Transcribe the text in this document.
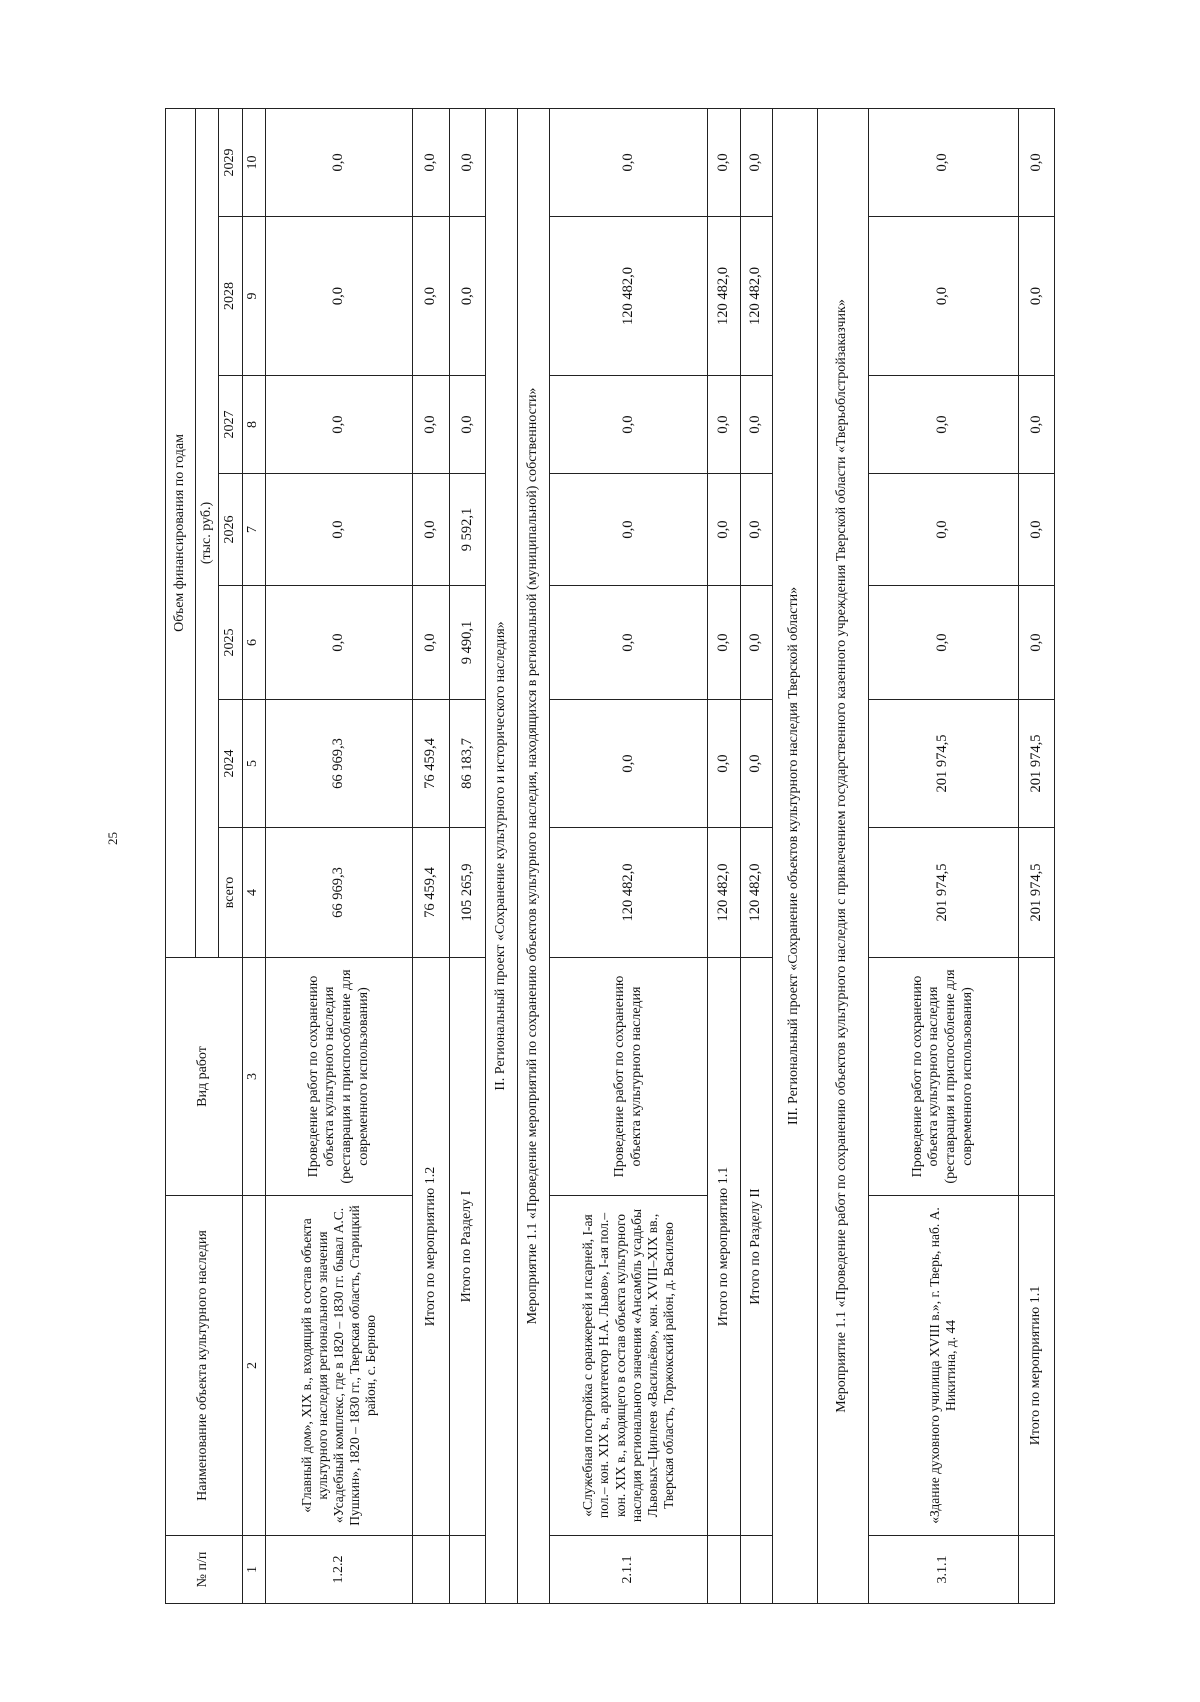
25
№ п/п	Наименование объекта культурного наследия	Вид работ	Объем финансирования по годам						
			(тыс. руб.)						
			всего	2024	2025	2026	2027	2028	2029
1	2	3	4	5	6	7	8	9	10
1.2.2	«Главный дом», XIX в., входящий в состав объекта культурного наследия регионального значения «Усадебный комплекс, где в 1820 – 1830 гг. бывал А.С. Пушкин», 1820 – 1830 гг., Тверская область, Старицкий район, с. Берново	Проведение работ по сохранению объекта культурного наследия (реставрация и приспособление для современного использования)	66 969,3	66 969,3	0,0	0,0	0,0	0,0	0,0
	Итого по мероприятию 1.2		76 459,4	76 459,4	0,0	0,0	0,0	0,0	0,0
	Итого по Разделу I		105 265,9	86 183,7	9 490,1	9 592,1	0,0	0,0	0,0
II. Региональный проект «Сохранение культурного и исторического наследия»									
Мероприятие 1.1 «Проведение мероприятий по сохранению объектов культурного наследия, находящихся в региональной (муниципальной) собственности»									
2.1.1	«Служебная постройка с оранжереей и псарней, I-ая пол.– кон. XIX в., архитектор Н.А. Львов», I-ая пол.– кон. XIX в., входящего в состав объекта культурного наследия регионального значения «Ансамбль усадьбы Львовых–Цинлеев «Васильёво», кон. XVIII–XIX вв., Тверская область, Торжокский район, д. Василево	Проведение работ по сохранению объекта культурного наследия	120 482,0	0,0	0,0	0,0	0,0	120 482,0	0,0
	Итого по мероприятию 1.1		120 482,0	0,0	0,0	0,0	0,0	120 482,0	0,0
	Итого по Разделу II		120 482,0	0,0	0,0	0,0	0,0	120 482,0	0,0
III. Региональный проект «Сохранение объектов культурного наследия Тверской области»									
Мероприятие 1.1 «Проведение работ по сохранению объектов культурного наследия с привлечением государственного казенного учреждения Тверской области «Тверьоблстройзаказчик»									
3.1.1	«Здание духовного училища XVIII в.», г. Тверь, наб. А. Никитина, д. 44	Проведение работ по сохранению объекта культурного наследия (реставрация и приспособление для современного использования)	201 974,5	201 974,5	0,0	0,0	0,0	0,0	0,0
	Итого по мероприятию 1.1		201 974,5	201 974,5	0,0	0,0	0,0	0,0	0,0
